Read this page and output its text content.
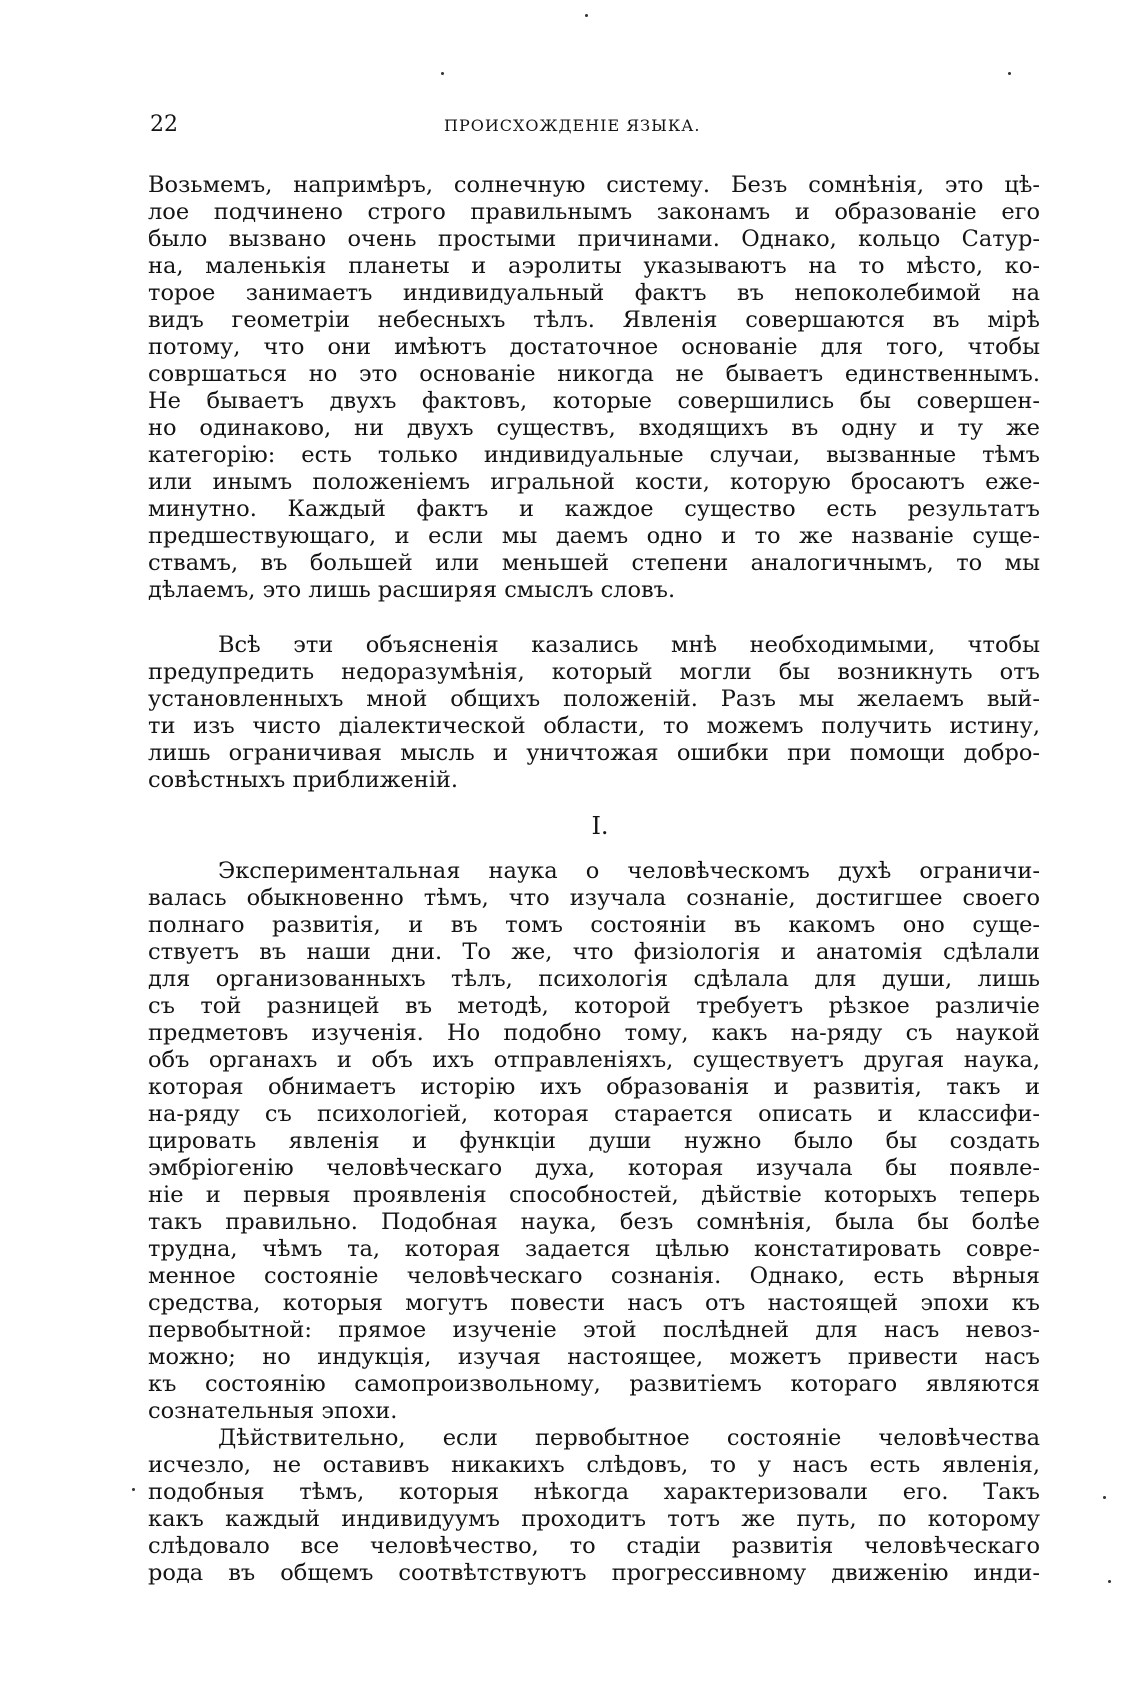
22	ПРОИСХОЖДЕНІЕ ЯЗЫКА.
Возьмемъ, напримѣръ, солнечную систему. Безъ сомнѣнія, это цѣ-
лое подчинено строго правильнымъ законамъ и образованіе его
было вызвано очень простыми причинами. Однако, кольцо Сатур-
на, маленькія планеты и аэролиты указываютъ на то мѣсто, ко-
торое занимаетъ индивидуальный фактъ въ непоколебимой на
видъ геометріи небесныхъ тѣлъ. Явленія совершаются въ мірѣ
потому, что они имѣютъ достаточное основаніе для того, чтобы
совршаться но это основаніе никогда не бываетъ единственнымъ.
Не бываетъ двухъ фактовъ, которые совершились бы совершен-
но одинаково, ни двухъ существъ, входящихъ въ одну и ту же
категорію: есть только индивидуальные случаи, вызванные тѣмъ
или инымъ положеніемъ игральной кости, которую бросаютъ еже-
минутно. Каждый фактъ и каждое существо есть результатъ
предшествующаго, и если мы даемъ одно и то же названіе суще-
ствамъ, въ большей или меньшей степени аналогичнымъ, то мы
дѣлаемъ, это лишь расширяя смыслъ словъ.
Всѣ эти объясненія казались мнѣ необходимыми, чтобы
предупредить недоразумѣнія, который могли бы возникнуть отъ
установленныхъ мной общихъ положеній. Разъ мы желаемъ вый-
ти изъ чисто діалектической области, то можемъ получить истину,
лишь ограничивая мысль и уничтожая ошибки при помощи добро-
совѣстныхъ приближеній.
I.
Экспериментальная наука о человѣческомъ духѣ ограничи-
валась обыкновенно тѣмъ, что изучала сознаніе, достигшее своего
полнаго развитія, и въ томъ состояніи въ какомъ оно суще-
ствуетъ въ наши дни. То же, что физіологія и анатомія сдѣлали
для организованныхъ тѣлъ, психологія сдѣлала для души, лишь
съ той разницей въ методѣ, которой требуетъ рѣзкое различіе
предметовъ изученія. Но подобно тому, какъ на-ряду съ наукой
объ органахъ и объ ихъ отправленіяхъ, существуетъ другая наука,
которая обнимаетъ исторію ихъ образованія и развитія, такъ и
на-ряду съ психологіей, которая старается описать и классифи-
цировать явленія и функціи души нужно было бы создать
эмбріогенію человѣческаго духа, которая изучала бы появле-
ніе и первыя проявленія способностей, дѣйствіе которыхъ теперь
такъ правильно. Подобная наука, безъ сомнѣнія, была бы болѣе
трудна, чѣмъ та, которая задается цѣлью констатировать совре-
менное состояніе человѣческаго сознанія. Однако, есть вѣрныя
средства, которыя могутъ повести насъ отъ настоящей эпохи къ
первобытной: прямое изученіе этой послѣдней для насъ невоз-
можно; но индукція, изучая настоящее, можетъ привести насъ
къ состоянію самопроизвольному, развитіемъ котораго являются
сознательныя эпохи.
Дѣйствительно, если первобытное состояніе человѣчества
исчезло, не оставивъ никакихъ слѣдовъ, то у насъ есть явленія,
подобныя тѣмъ, которыя нѣкогда характеризовали его. Такъ
какъ каждый индивидуумъ проходитъ тотъ же путь, по которому
слѣдовало все человѣчество, то стадіи развитія человѣческаго
рода въ общемъ соотвѣтствуютъ прогрессивному движенію инди-
